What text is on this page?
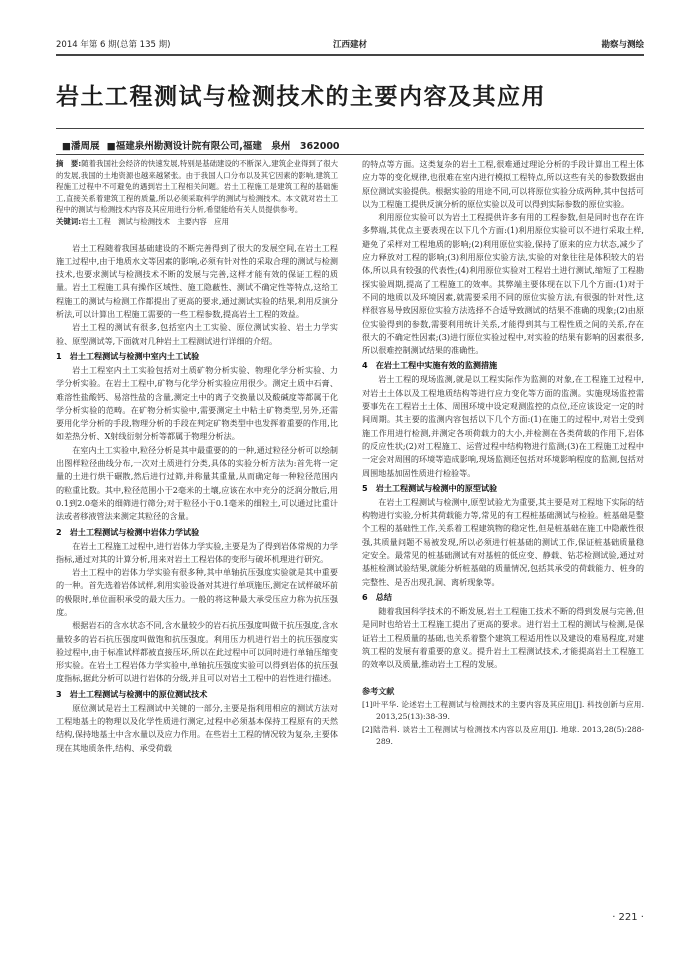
2014 年第 6 期(总第 135 期)	江西建材	勘察与测绘
岩土工程测试与检测技术的主要内容及其应用
■潘周展 ■福建泉州勘测设计院有限公司,福建　泉州　362000

摘　要:随着我国社会经济的快速发展,特别是基础建设的不断深入,建筑企业得到了很大的发展,我国的土地资源也越来越紧张。由于我国人口分布以及其它因素的影响,建筑工程施工过程中不可避免的遇到岩土工程相关问题。岩土工程施工是建筑工程的基础施工,直接关系着建筑工程的质量,所以必须采取科学的测试与检测技术。本文就对岩土工程中的测试与检测技术内容及其应用进行分析,希望能给有关人员提供参考。

关键词:岩土工程　测试与检测技术　主要内容　应用

岩土工程随着我国基础建设的不断完善得到了很大的发展空间,在岩土工程施工过程中,由于地质水文等因素的影响,必须有针对性的采取合理的测试与检测技术,也要求测试与检测技术不断的发展与完善,这样才能有效的保证工程的质量。岩土工程施工具有操作区域性、施工隐蔽性、测试不确定性等特点,这给工程施工的测试与检测工作都提出了更高的要求,通过测试实验的结果,利用反演分析法,可以计算出工程施工需要的一些工程参数,提高岩土工程的效益。

岩土工程的测试有很多,包括室内土工实验、原位测试实验、岩土力学实验、原型测试等,下面就对几种岩土工程测试进行详细的介绍。

1　岩土工程测试与检测中室内土工试验

岩土工程室内土工实验包括对土质矿物分析实验、物理化学分析实验、力学分析实验。在岩土工程中,矿物与化学分析实验应用很少。测定土质中石膏、难溶性盐酸钙、易溶性盐的含量,测定土中的离子交换量以及酸碱度等都属于化学分析实验的范畴。在矿物分析实验中,需要测定土中粘土矿物类型,另外,还需要用化学分析的手段,物理分析的手段在判定矿物类型中也发挥着重要的作用,比如差热分析、X射线衍射分析等都属于物理分析法。

在室内土工实验中,粒径分析是其中最重要的的一种,通过粒径分析可以绘制出图样粒径曲线分布,一次对土质进行分类,具体的实验分析方法为:首先将一定量的土进行烘干碾散,然后进行过筛,并称量其重量,从而确定每一种粒径范围内的粒重比数。其中,粒径范围小于2毫米的土壤,应该在水中充分的泛润分散后,用0.1到2.0毫米的细筛进行筛分;对于粒径小于0.1毫米的细粒土,可以通过比重计法或者移液管法来测定其粒径的含量。

2　岩土工程测试与检测中岩体力学试验

在岩土工程施工过程中,进行岩体力学实验,主要是为了得到岩体常规的力学指标,通过对其的计算分析,用来对岩土工程岩体的变形与破坏机理进行研究。

岩土工程中的岩体力学实验有很多种,其中单轴抗压强度实验就是其中重要的一种。首先选着岩体试样,利用实验设备对其进行单项施压,测定在试样破坏前的极限时,单位面积承受的最大压力。一般的将这种最大承受压应力称为抗压强度。

根据岩石的含水状态不同,含水量较少的岩石抗压强度叫做干抗压强度,含水量较多的岩石抗压强度叫做饱和抗压强度。利用压力机进行岩土的抗压强度实验过程中,由于标准试样都被直接压坏,所以在此过程中可以同时进行单轴压缩变形实验。在岩土工程岩体力学实验中,单轴抗压强度实验可以得到岩体的抗压强度指标,据此分析可以进行岩体的分级,并且可以对岩土工程中的岩性进行描述。

3　岩土工程测试与检测中的原位测试技术

原位测试是岩土工程测试中关键的一部分,主要是指利用相应的测试方法对工程地基土的物理以及化学性质进行测定,过程中必须基本保持工程原有的天然结构,保持地基土中含水量以及应力作用。在些岩土工程的情况较为复杂,主要体现在其地质条件,结构、承受荷载

的特点等方面。这类复杂的岩土工程,很难通过理论分析的手段计算出工程土体应力等的变化规律,也很难在室内进行模拟工程特点,所以这些有关的参数数据由原位测试实验提供。根据实验的用途不同,可以将原位实验分成两种,其中包括可以为工程施工提供反演分析的原位实验以及可以得到实际参数的原位实验。

利用原位实验可以为岩土工程提供许多有用的工程参数,但是同时也存在许多弊端,其优点主要表现在以下几个方面:(1)利用原位实验可以不进行采取土样,避免了采样对工程地质的影响;(2)利用原位实验,保持了原来的应力状态,减少了应力释放对工程的影响;(3)利用原位实验方法,实验的对象往往是体积较大的岩体,所以具有较强的代表性;(4)利用原位实验对工程岩土进行测试,缩短了工程勘探实验周期,提高了工程施工的效率。其弊端主要体现在以下几个方面:(1)对于不同的地质以及环境因素,就需要采用不同的原位实验方法,有很强的针对性,这样很容易导致因原位实验方法选择不合适导致测试的结果不准确的现象;(2)由原位实验得到的参数,需要利用统计关系,才能得到其与工程性质之间的关系,存在很大的不确定性因素;(3)进行原位实验过程中,对实验的结果有影响的因素很多,所以很难控制测试结果的准确性。

4　在岩土工程中实施有效的监测措施

岩土工程的现场监测,就是以工程实际作为监测的对象,在工程施工过程中,对岩土土体以及工程地质结构等进行应力变化等方面的监测。实施现场监控需要事先在工程岩土土体、周围环境中设定观测监控的点位,还应该设定一定的时间周期。其主要的监测内容包括以下几个方面:(1)在施工的过程中,对岩土受到施工作用进行检测,并测定各项荷载力的大小,并检测在各类荷载的作用下,岩体的反应性状;(2)对工程施工、运营过程中结构物进行监测;(3)在工程施工过程中一定会对周围的环境等造成影响,现场监测还包括对环境影响程度的监测,包括对周围地基加固性质进行检验等。

5　岩土工程测试与检测中的原型试验

在岩土工程测试与检测中,原型试验尤为重要,其主要是对工程地下实际的结构物进行实验,分析其荷载能力等,常见的有工程桩基础测试与检验。桩基础是整个工程的基础性工作,关系着工程建筑物的稳定性,但是桩基础在施工中隐蔽性很强,其质量问题不易被发现,所以必须进行桩基础的测试工作,保证桩基础质量稳定安全。最常见的桩基础测试有对基桩的低应变、静载、钻芯检测试验,通过对基桩检测试验结果,就能分析桩基础的质量情况,包括其承受的荷载能力、桩身的完整性、是否出现孔洞、离析现象等。

6　总结

随着我国科学技术的不断发展,岩土工程施工技术不断的得到发展与完善,但是同时也给岩土工程施工提出了更高的要求。进行岩土工程的测试与检测,是保证岩土工程质量的基础,也关系着整个建筑工程适用性以及建设的难易程度,对建筑工程的发展有着重要的意义。提升岩土工程测试技术,才能提高岩土工程施工的效率以及质量,推动岩土工程的发展。

参考文献

[1]叶平华. 论述岩土工程测试与检测技术的主要内容及其应用[J]. 科技创新与应用. 2013,25(13):38-39.

[2]陆浩科. 谈岩土工程测试与检测技术内容以及应用[J]. 地球. 2013,28(5):288-289.

· 221 ·
